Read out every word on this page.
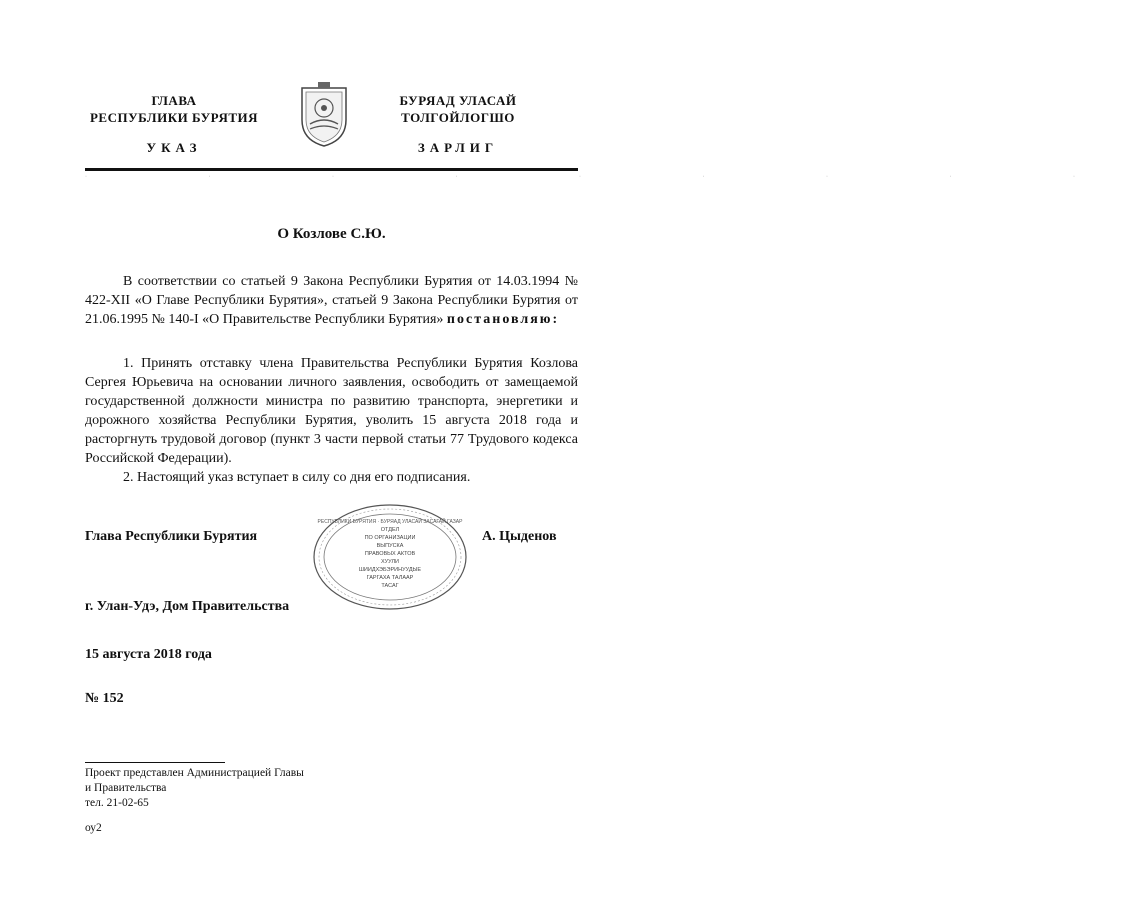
ГЛАВА
РЕСПУБЛИКИ БУРЯТИЯ
БУРЯАД УЛАСАЙ
ТОЛГОЙЛОГШО
УКАЗ	ЗАРЛИГ
· · · · · · · · ·
О Козлове С.Ю.
В соответствии со статьей 9 Закона Республики Бурятия от 14.03.1994 № 422-XII «О Главе Республики Бурятия», статьей 9 Закона Республики Бурятия от 21.06.1995 № 140-I «О Правительстве Республики Бурятия» постановляю:
1. Принять отставку члена Правительства Республики Бурятия Козлова Сергея Юрьевича на основании личного заявления, освободить от замещаемой государственной должности министра по развитию транспорта, энергетики и дорожного хозяйства Республики Бурятия, уволить 15 августа 2018 года и расторгнуть трудовой договор (пункт 3 части первой статьи 77 Трудового кодекса Российской Федерации).
2. Настоящий указ вступает в силу со дня его подписания.
РЕСПУБЛИКИ БУРЯТИЯ · БУРЯАД УЛАСАЙ ЗАСАГАЙ ГАЗАР
ОТДЕЛ
ПО ОРГАНИЗАЦИИ
ВЫПУСКА
ПРАВОВЫХ АКТОВ
ХУУЛИ
ШИИДХЭБЭРИНУУДЫЕ
ГАРГАХА ТАЛААР
ТАСАГ
Глава Республики Бурятия	А. Цыденов
г. Улан-Удэ, Дом Правительства
15 августа 2018 года
№ 152
Проект представлен Администрацией Главы
и Правительства
тел. 21-02-65
оу2
